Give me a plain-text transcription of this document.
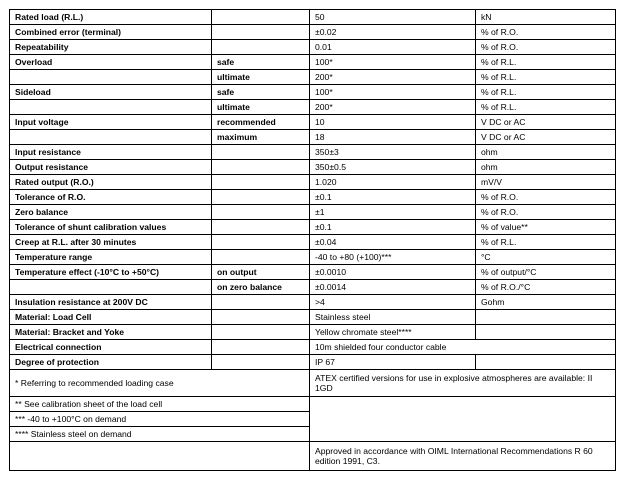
Rated load (R.L.)		50	kN
Combined error (terminal)		±0.02	% of R.O.
Repeatability		0.01	% of R.O.
Overload	safe	100*	% of R.L.
	ultimate	200*	% of R.L.
Sideload	safe	100*	% of R.L.
	ultimate	200*	% of R.L.
Input voltage	recommended	10	V DC or AC
	maximum	18	V DC or AC
Input resistance		350±3	ohm
Output resistance		350±0.5	ohm
Rated output (R.O.)		1.020	mV/V
Tolerance of R.O.		±0.1	% of R.O.
Zero balance		±1	% of R.O.
Tolerance of shunt calibration values		±0.1	% of value**
Creep at R.L. after 30 minutes		±0.04	% of R.L.
Temperature range		-40 to +80 (+100)***	°C
Temperature effect (-10°C to +50°C)	on output	±0.0010	% of output/°C
	on zero balance	±0.0014	% of R.O./°C
Insulation resistance at 200V DC		>4	Gohm
Material: Load Cell		Stainless steel	
Material: Bracket and Yoke		Yellow chromate steel****	
Electrical connection		10m shielded four conductor cable	
Degree of protection		IP 67	
* Referring to recommended loading case		ATEX certified versions for use in explosive atmospheres are available: II 1GD	
** See calibration sheet of the load cell			
*** -40 to +100°C on demand			
**** Stainless steel on demand			
		Approved in accordance with OIML International Recommendations R 60 edition 1991, C3.	
